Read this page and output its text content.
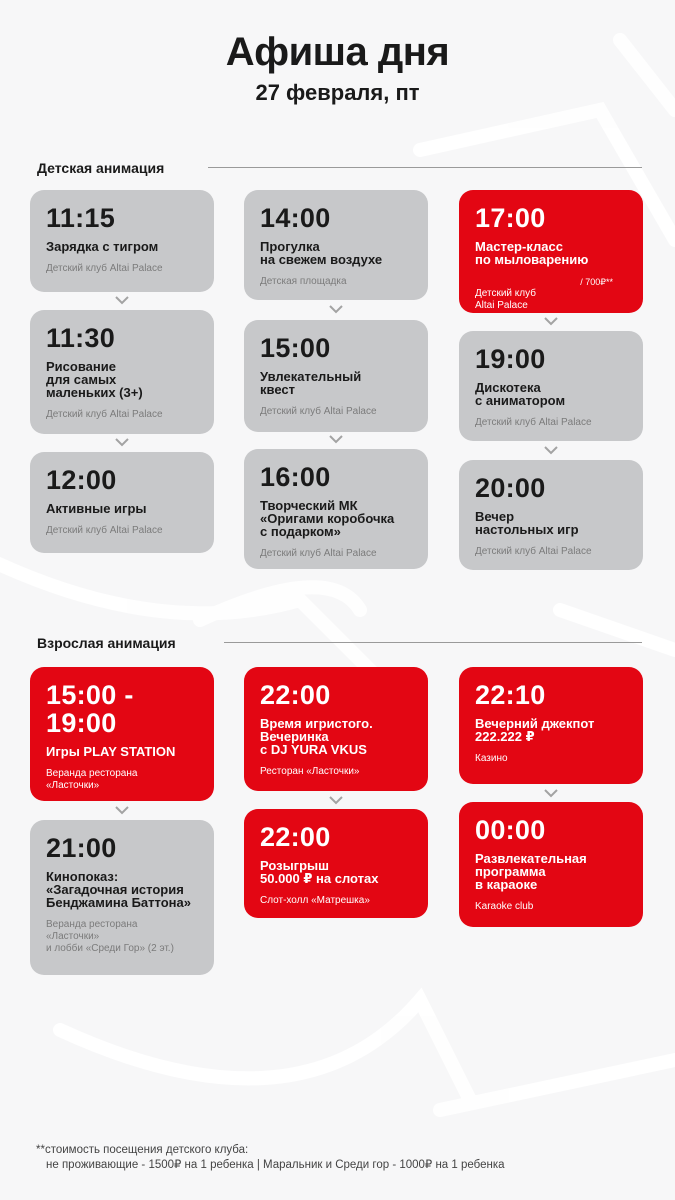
Афиша дня
27 февраля, пт
Детская анимация
Взрослая анимация
11:15
Зарядка с тигром
Детский клуб Altai Palace
11:30
Рисование
для самых
маленьких (3+)
Детский клуб Altai Palace
12:00
Активные игры
Детский клуб Altai Palace
14:00
Прогулка
на свежем воздухе
Детская площадка
15:00
Увлекательный
квест
Детский клуб Altai Palace
16:00
Творческий МК
«Оригами коробочка
с подарком»
Детский клуб Altai Palace
17:00
Мастер-класс
по мыловарению

Детский клуб
Altai Palace

/ 700₽**

19:00
Дискотека
с аниматором
Детский клуб Altai Palace
20:00
Вечер
настольных игр
Детский клуб Altai Palace
15:00 -
19:00
Игры PLAY STATION
Веранда ресторана
«Ласточки»
21:00
Кинопоказ:
«Загадочная история
Бенджамина Баттона»
Веранда ресторана
«Ласточки»
и лобби «Среди Гор» (2 эт.)
22:00
Время игристого.
Вечеринка
с DJ YURA VKUS
Ресторан «Ласточки»
22:00
Розыгрыш
50.000 ₽ на слотах
Слот-холл «Матрешка»
22:10
Вечерний джекпот
222.222 ₽
Казино
00:00
Развлекательная
программа
в караоке
Karaoke club
**стоимость посещения детского клуба:
не проживающие - 1500₽ на 1 ребенка | Маральник и Среди гор - 1000₽ на 1 ребенка
